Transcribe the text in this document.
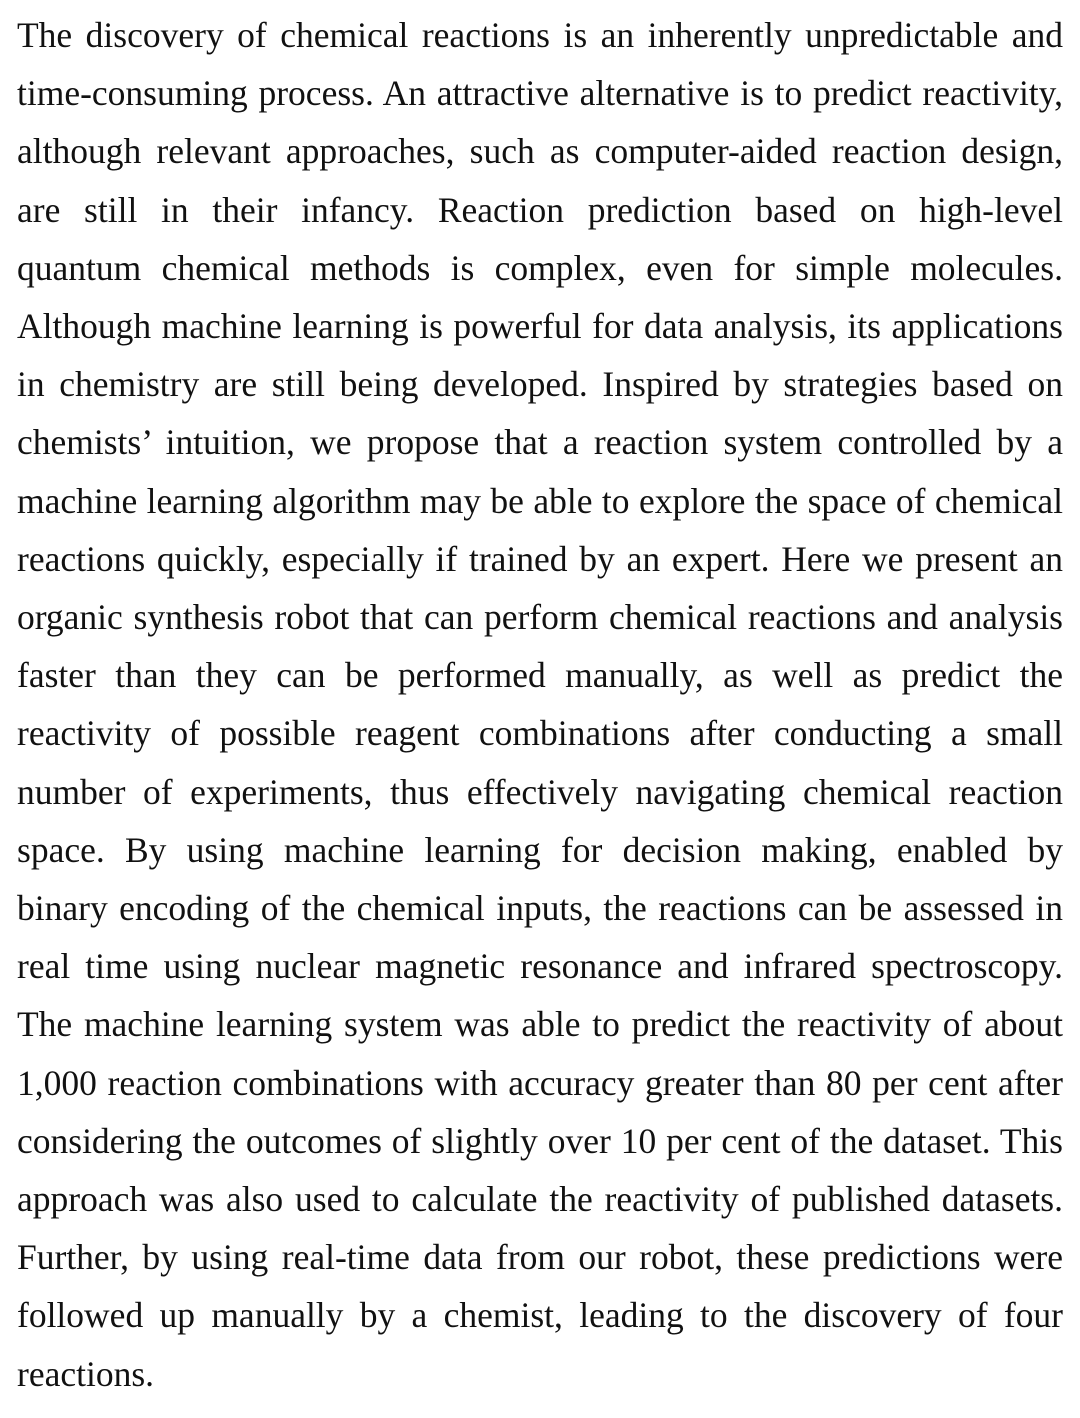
The discovery of chemical reactions is an inherently unpredictable and
time-consuming process. An attractive alternative is to predict reactivity,
although relevant approaches, such as computer-aided reaction design,
are still in their infancy. Reaction prediction based on high-level
quantum chemical methods is complex, even for simple molecules.
Although machine learning is powerful for data analysis, its applications
in chemistry are still being developed. Inspired by strategies based on
chemists’ intuition, we propose that a reaction system controlled by a
machine learning algorithm may be able to explore the space of chemical
reactions quickly, especially if trained by an expert. Here we present an
organic synthesis robot that can perform chemical reactions and analysis
faster than they can be performed manually, as well as predict the
reactivity of possible reagent combinations after conducting a small
number of experiments, thus effectively navigating chemical reaction
space. By using machine learning for decision making, enabled by
binary encoding of the chemical inputs, the reactions can be assessed in
real time using nuclear magnetic resonance and infrared spectroscopy.
The machine learning system was able to predict the reactivity of about
1,000 reaction combinations with accuracy greater than 80 per cent after
considering the outcomes of slightly over 10 per cent of the dataset. This
approach was also used to calculate the reactivity of published datasets.
Further, by using real-time data from our robot, these predictions were
followed up manually by a chemist, leading to the discovery of four
reactions.
